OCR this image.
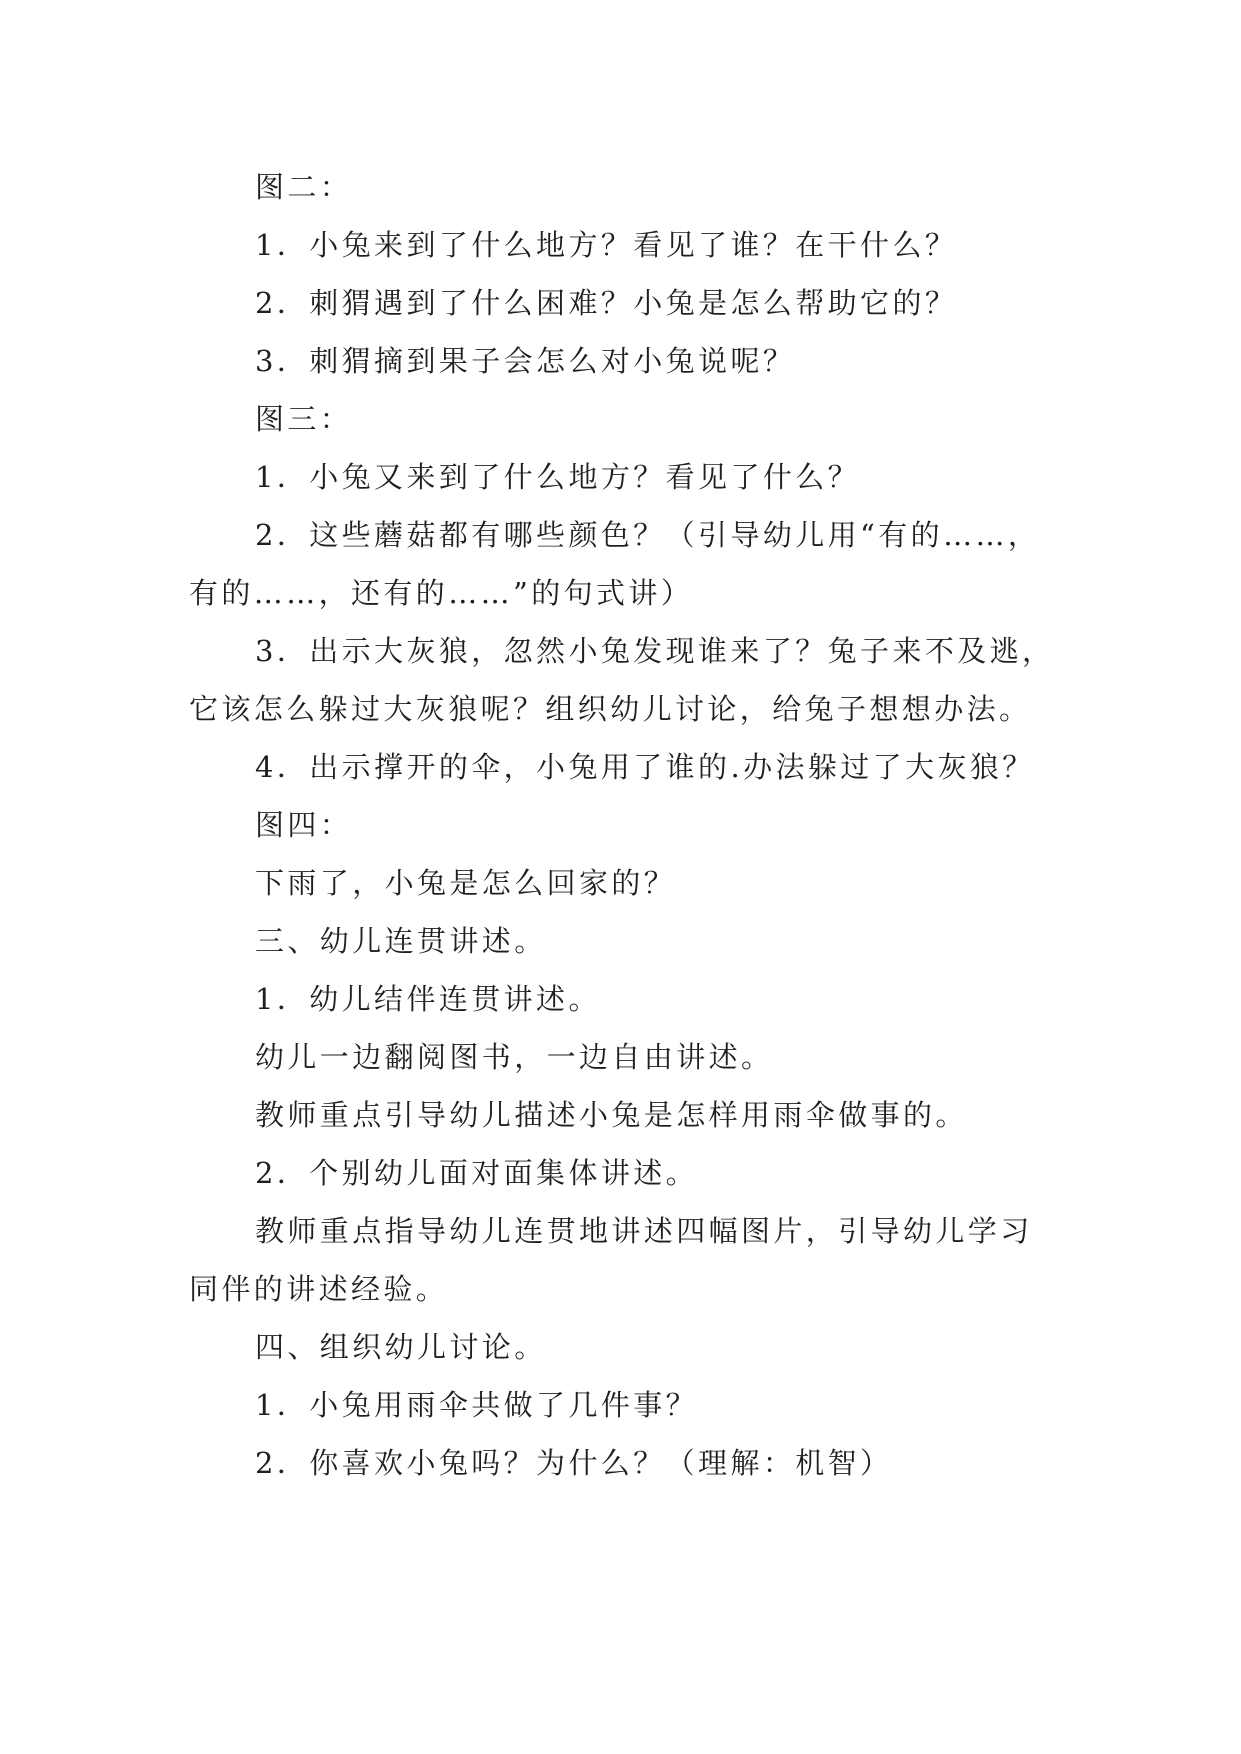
图二：
1．小兔来到了什么地方？看见了谁？在干什么？
2．刺猬遇到了什么困难？小兔是怎么帮助它的？
3．刺猬摘到果子会怎么对小兔说呢？
图三：
1．小兔又来到了什么地方？看见了什么？
2．这些蘑菇都有哪些颜色？（引导幼儿用“有的……，
有的……，还有的……”的句式讲）
3．出示大灰狼，忽然小兔发现谁来了？兔子来不及逃，
它该怎么躲过大灰狼呢？组织幼儿讨论，给兔子想想办法。
4．出示撑开的伞，小兔用了谁的.办法躲过了大灰狼？
图四：
下雨了，小兔是怎么回家的？
三、幼儿连贯讲述。
1．幼儿结伴连贯讲述。
幼儿一边翻阅图书，一边自由讲述。
教师重点引导幼儿描述小兔是怎样用雨伞做事的。
2．个别幼儿面对面集体讲述。
教师重点指导幼儿连贯地讲述四幅图片，引导幼儿学习
同伴的讲述经验。
四、组织幼儿讨论。
1．小兔用雨伞共做了几件事？
2．你喜欢小兔吗？为什么？（理解：机智）
